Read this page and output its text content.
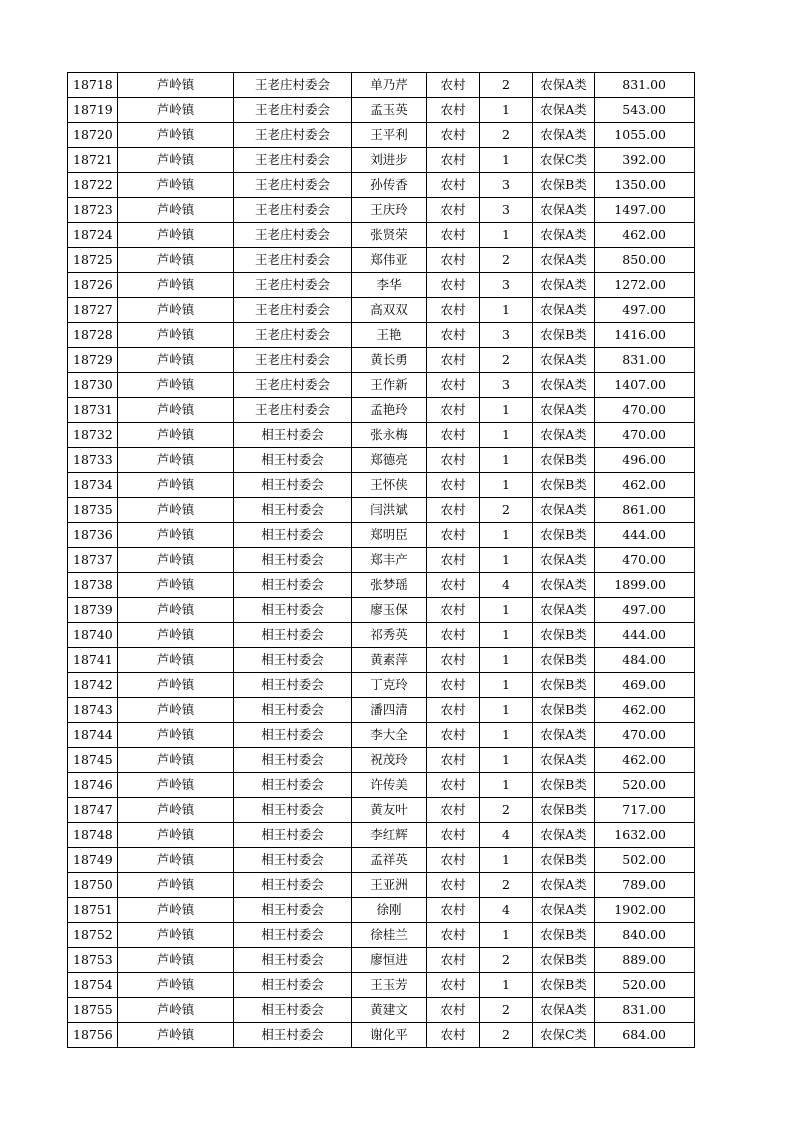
18718	芦岭镇	王老庄村委会	单乃芹	农村	2	农保A类	831.00
18719	芦岭镇	王老庄村委会	孟玉英	农村	1	农保A类	543.00
18720	芦岭镇	王老庄村委会	王平利	农村	2	农保A类	1055.00
18721	芦岭镇	王老庄村委会	刘进步	农村	1	农保C类	392.00
18722	芦岭镇	王老庄村委会	孙传香	农村	3	农保B类	1350.00
18723	芦岭镇	王老庄村委会	王庆玲	农村	3	农保A类	1497.00
18724	芦岭镇	王老庄村委会	张贤荣	农村	1	农保A类	462.00
18725	芦岭镇	王老庄村委会	郑伟亚	农村	2	农保A类	850.00
18726	芦岭镇	王老庄村委会	李华	农村	3	农保A类	1272.00
18727	芦岭镇	王老庄村委会	高双双	农村	1	农保A类	497.00
18728	芦岭镇	王老庄村委会	王艳	农村	3	农保B类	1416.00
18729	芦岭镇	王老庄村委会	黄长勇	农村	2	农保A类	831.00
18730	芦岭镇	王老庄村委会	王作新	农村	3	农保A类	1407.00
18731	芦岭镇	王老庄村委会	孟艳玲	农村	1	农保A类	470.00
18732	芦岭镇	相王村委会	张永梅	农村	1	农保A类	470.00
18733	芦岭镇	相王村委会	郑德亮	农村	1	农保B类	496.00
18734	芦岭镇	相王村委会	王怀侠	农村	1	农保B类	462.00
18735	芦岭镇	相王村委会	闫洪斌	农村	2	农保A类	861.00
18736	芦岭镇	相王村委会	郑明臣	农村	1	农保B类	444.00
18737	芦岭镇	相王村委会	郑丰产	农村	1	农保A类	470.00
18738	芦岭镇	相王村委会	张梦瑶	农村	4	农保A类	1899.00
18739	芦岭镇	相王村委会	廖玉保	农村	1	农保A类	497.00
18740	芦岭镇	相王村委会	祁秀英	农村	1	农保B类	444.00
18741	芦岭镇	相王村委会	黄素萍	农村	1	农保B类	484.00
18742	芦岭镇	相王村委会	丁克玲	农村	1	农保B类	469.00
18743	芦岭镇	相王村委会	潘四清	农村	1	农保B类	462.00
18744	芦岭镇	相王村委会	李大全	农村	1	农保A类	470.00
18745	芦岭镇	相王村委会	祝茂玲	农村	1	农保A类	462.00
18746	芦岭镇	相王村委会	许传美	农村	1	农保B类	520.00
18747	芦岭镇	相王村委会	黄友叶	农村	2	农保B类	717.00
18748	芦岭镇	相王村委会	李红辉	农村	4	农保A类	1632.00
18749	芦岭镇	相王村委会	孟祥英	农村	1	农保B类	502.00
18750	芦岭镇	相王村委会	王亚洲	农村	2	农保A类	789.00
18751	芦岭镇	相王村委会	徐刚	农村	4	农保A类	1902.00
18752	芦岭镇	相王村委会	徐桂兰	农村	1	农保B类	840.00
18753	芦岭镇	相王村委会	廖恒进	农村	2	农保B类	889.00
18754	芦岭镇	相王村委会	王玉芳	农村	1	农保B类	520.00
18755	芦岭镇	相王村委会	黄建文	农村	2	农保A类	831.00
18756	芦岭镇	相王村委会	谢化平	农村	2	农保C类	684.00
